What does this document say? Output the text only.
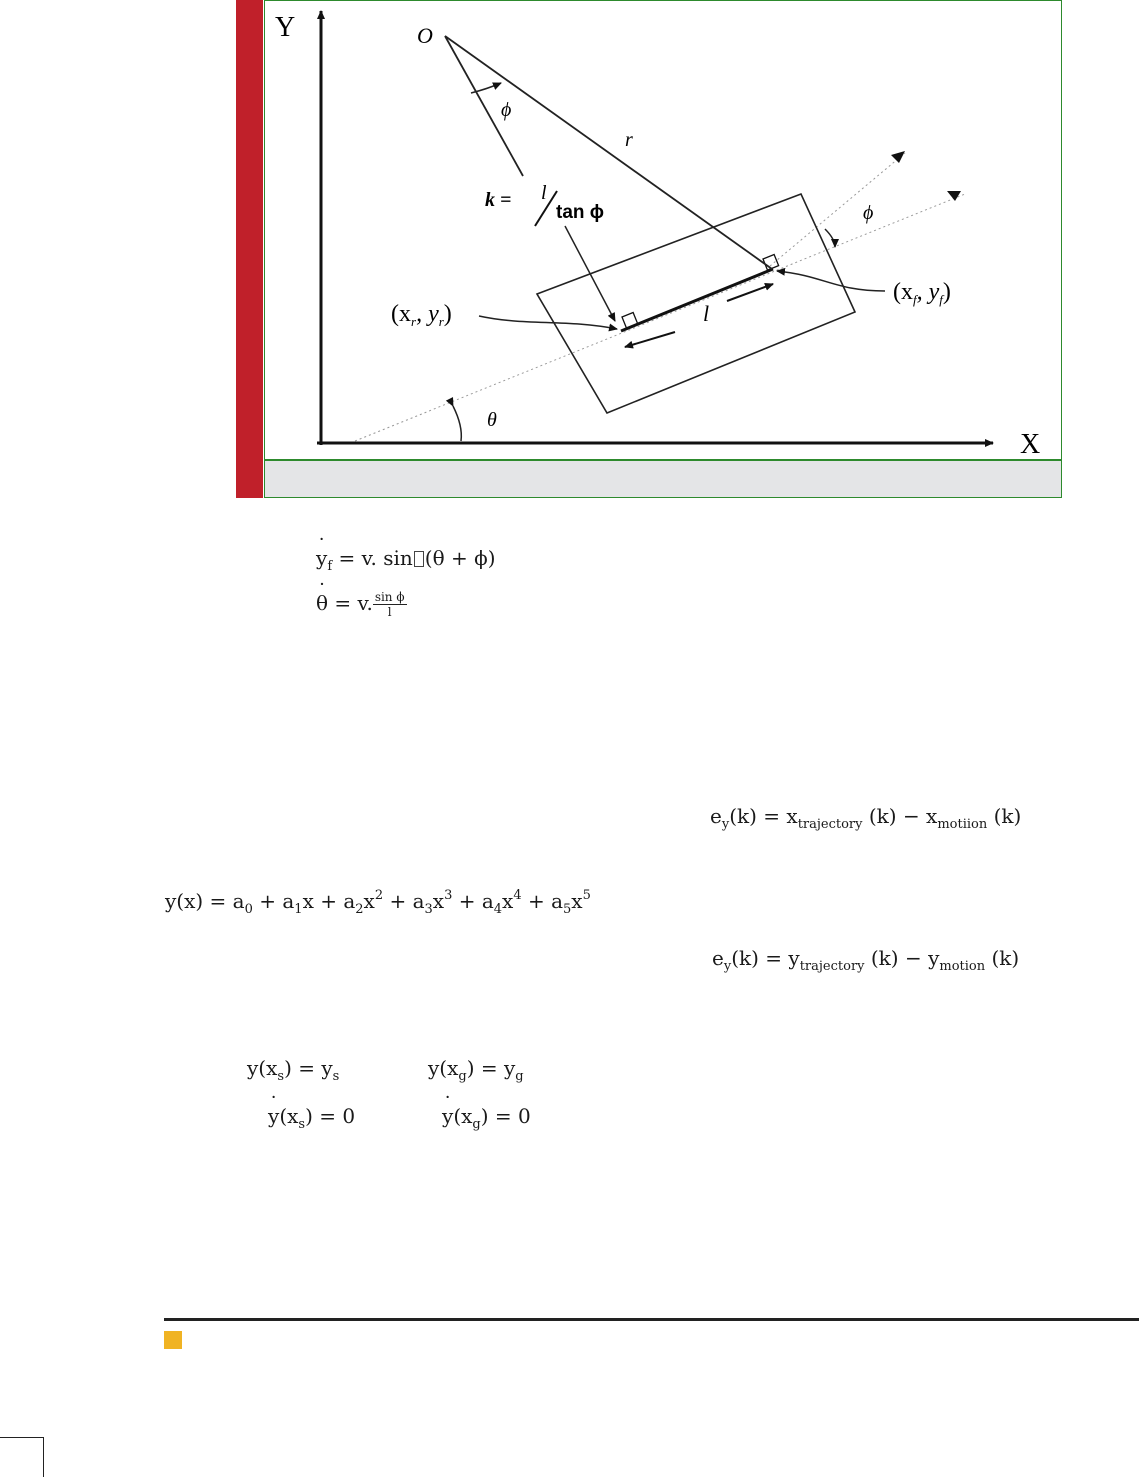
Y
X
O
ϕ
r
k = l
tan ϕ
($x_r$, $y_r$)
($x_f$, $y_f$)
l
θ
ϕ
˙ $y_f = v$. sin (θ + ϕ)
˙ θ = v. $\frac{\text{sin ϕ}}{l}$
$e_y(k) = x_{trajectory}$ $(k) - x_{motiion}$ (k)
$y(x) = a_0 + a_1x + a_2x^2 + a_3x^3 + a_4x^4 + a_5x^5$
$e_y(k) = y_{trajectory}$ $(k) - y_{motion}$ (k)
$y(x_s) = y_s$	$y(x_g) = y_g$
˙ $y(x_s) = 0$
˙	$y(x_g) = 0$
